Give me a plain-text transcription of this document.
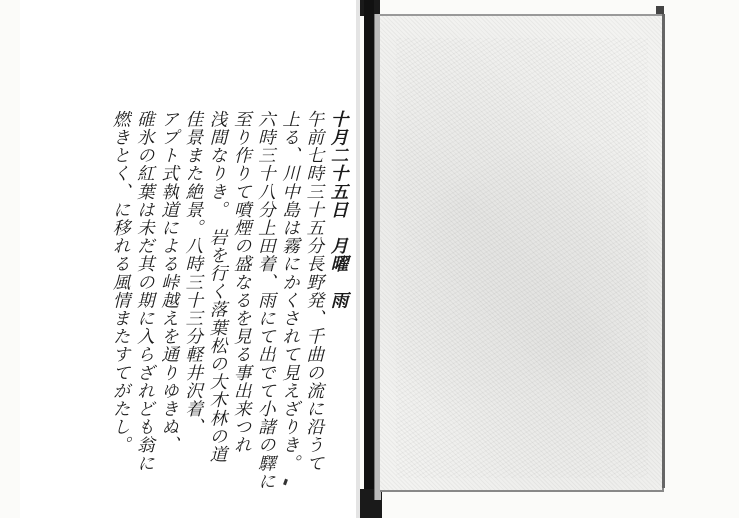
十月二十五日　月曜　雨
午前七時三十五分長野発、千曲の流に沿うて
上る、川中島は霧にかくされて見えざりき。
六時三十八分上田着、雨にて出でて小諸の驛に
至り作りて噴煙の盛なるを見る事出来つれ
浅間なりき。　岩を行く落葉松の大木林の道
佳景また絶景。八時三十三分軽井沢着、
アプト式執道による峠越えを通りゆきぬ、
碓氷の紅葉は未だ其の期に入らざれども翁に
燃きとく、に移れる風情またすてがたし。
